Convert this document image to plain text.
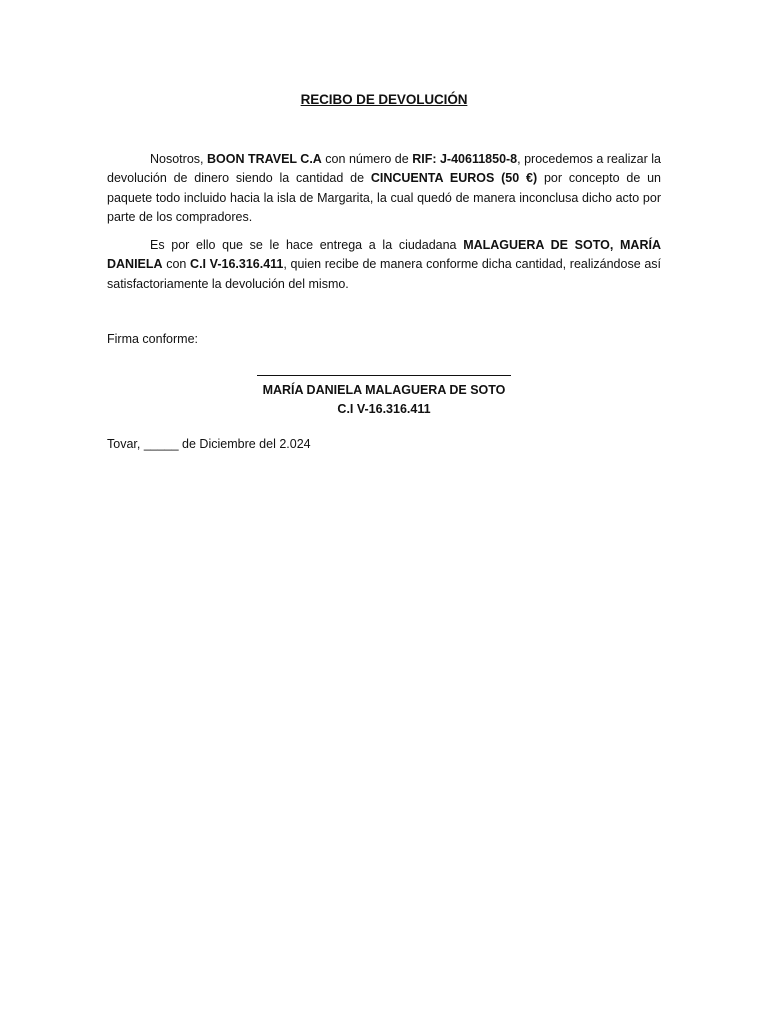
RECIBO DE DEVOLUCIÓN

Nosotros, BOON TRAVEL C.A con número de RIF: J-40611850-8, procedemos a realizar la devolución de dinero siendo la cantidad de CINCUENTA EUROS (50 €) por concepto de un paquete todo incluido hacia la isla de Margarita, la cual quedó de manera inconclusa dicho acto por parte de los compradores.

Es por ello que se le hace entrega a la ciudadana MALAGUERA DE SOTO, MARÍA DANIELA con C.I V-16.316.411, quien recibe de manera conforme dicha cantidad, realizándose así satisfactoriamente la devolución del mismo.

Firma conforme:
MARÍA DANIELA MALAGUERA DE SOTO
C.I V-16.316.411
Tovar, _____ de Diciembre del 2.024
